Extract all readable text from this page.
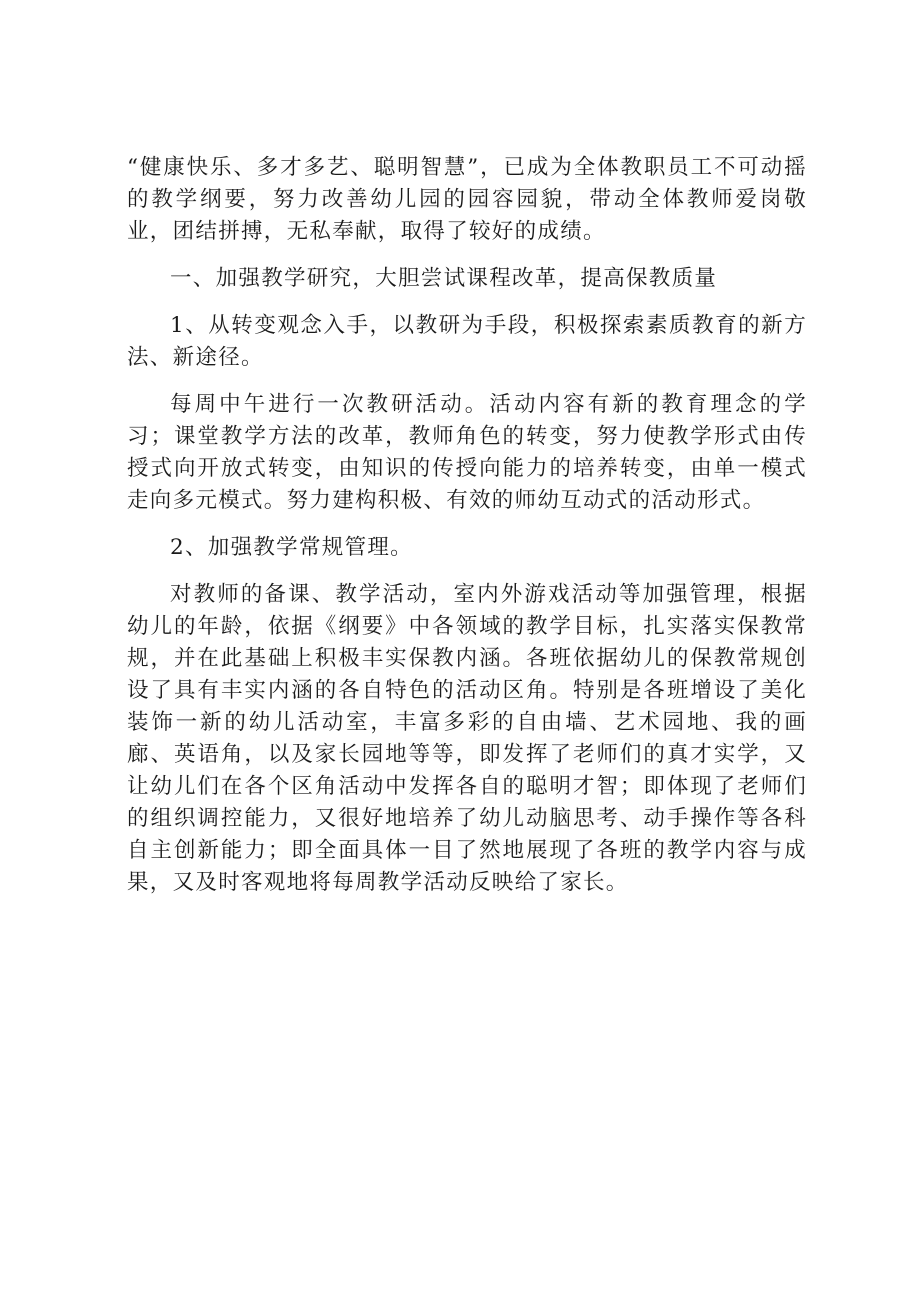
“健康快乐、多才多艺、聪明智慧”，已成为全体教职员工不可动摇的教学纲要，努力改善幼儿园的园容园貌，带动全体教师爱岗敬业，团结拼搏，无私奉献，取得了较好的成绩。

一、加强教学研究，大胆尝试课程改革，提高保教质量

1、从转变观念入手，以教研为手段，积极探索素质教育的新方法、新途径。

每周中午进行一次教研活动。活动内容有新的教育理念的学习；课堂教学方法的改革，教师角色的转变，努力使教学形式由传授式向开放式转变，由知识的传授向能力的培养转变，由单一模式走向多元模式。努力建构积极、有效的师幼互动式的活动形式。

2、加强教学常规管理。

对教师的备课、教学活动，室内外游戏活动等加强管理，根据幼儿的年龄，依据《纲要》中各领域的教学目标，扎实落实保教常规，并在此基础上积极丰实保教内涵。各班依据幼儿的保教常规创设了具有丰实内涵的各自特色的活动区角。特别是各班增设了美化装饰一新的幼儿活动室，丰富多彩的自由墙、艺术园地、我的画廊、英语角，以及家长园地等等，即发挥了老师们的真才实学，又让幼儿们在各个区角活动中发挥各自的聪明才智；即体现了老师们的组织调控能力，又很好地培养了幼儿动脑思考、动手操作等各科自主创新能力；即全面具体一目了然地展现了各班的教学内容与成果，又及时客观地将每周教学活动反映给了家长。
